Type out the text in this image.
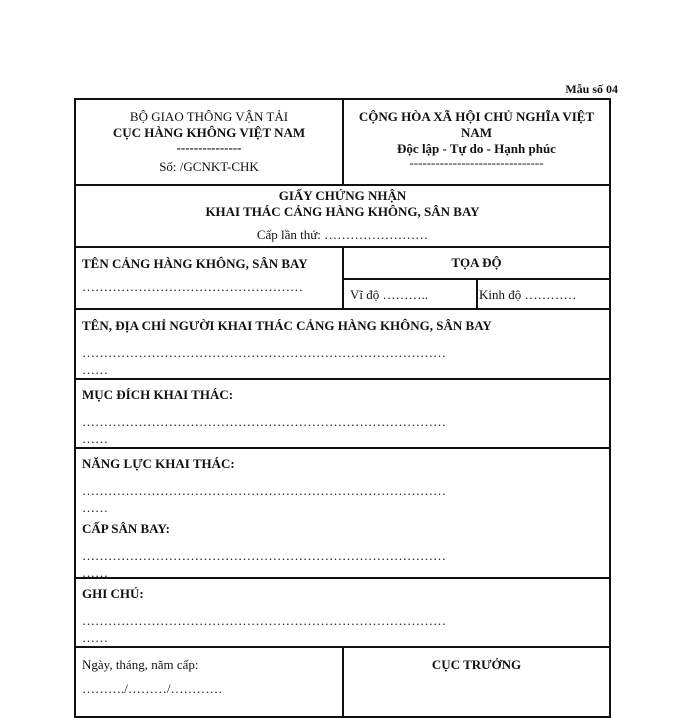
Mẫu số 04
BỘ GIAO THÔNG VẬN TẢI
CỤC HÀNG KHÔNG VIỆT NAM
---------------
Số: /GCNKT-CHK
CỘNG HÒA XÃ HỘI CHỦ NGHĨA VIỆT
NAM
Độc lập - Tự do - Hạnh phúc
-------------------------------
GIẤY CHỨNG NHẬN
KHAI THÁC CẢNG HÀNG KHÔNG, SÂN BAY
Cấp lần thứ: ……………………
TÊN CẢNG HÀNG KHÔNG, SÂN BAY
……………………………………………
TỌA ĐỘ
Vĩ độ ………..	Kinh độ …………
TÊN, ĐỊA CHỈ NGƯỜI KHAI THÁC CẢNG HÀNG KHÔNG, SÂN BAY
…………………………………………………………………………
……
MỤC ĐÍCH KHAI THÁC:
…………………………………………………………………………
……
NĂNG LỰC KHAI THÁC:
…………………………………………………………………………
……
CẤP SÂN BAY:
…………………………………………………………………………
……
GHI CHÚ:
…………………………………………………………………………
……
Ngày, tháng, năm cấp:
………./………/…………
CỤC TRƯỞNG
